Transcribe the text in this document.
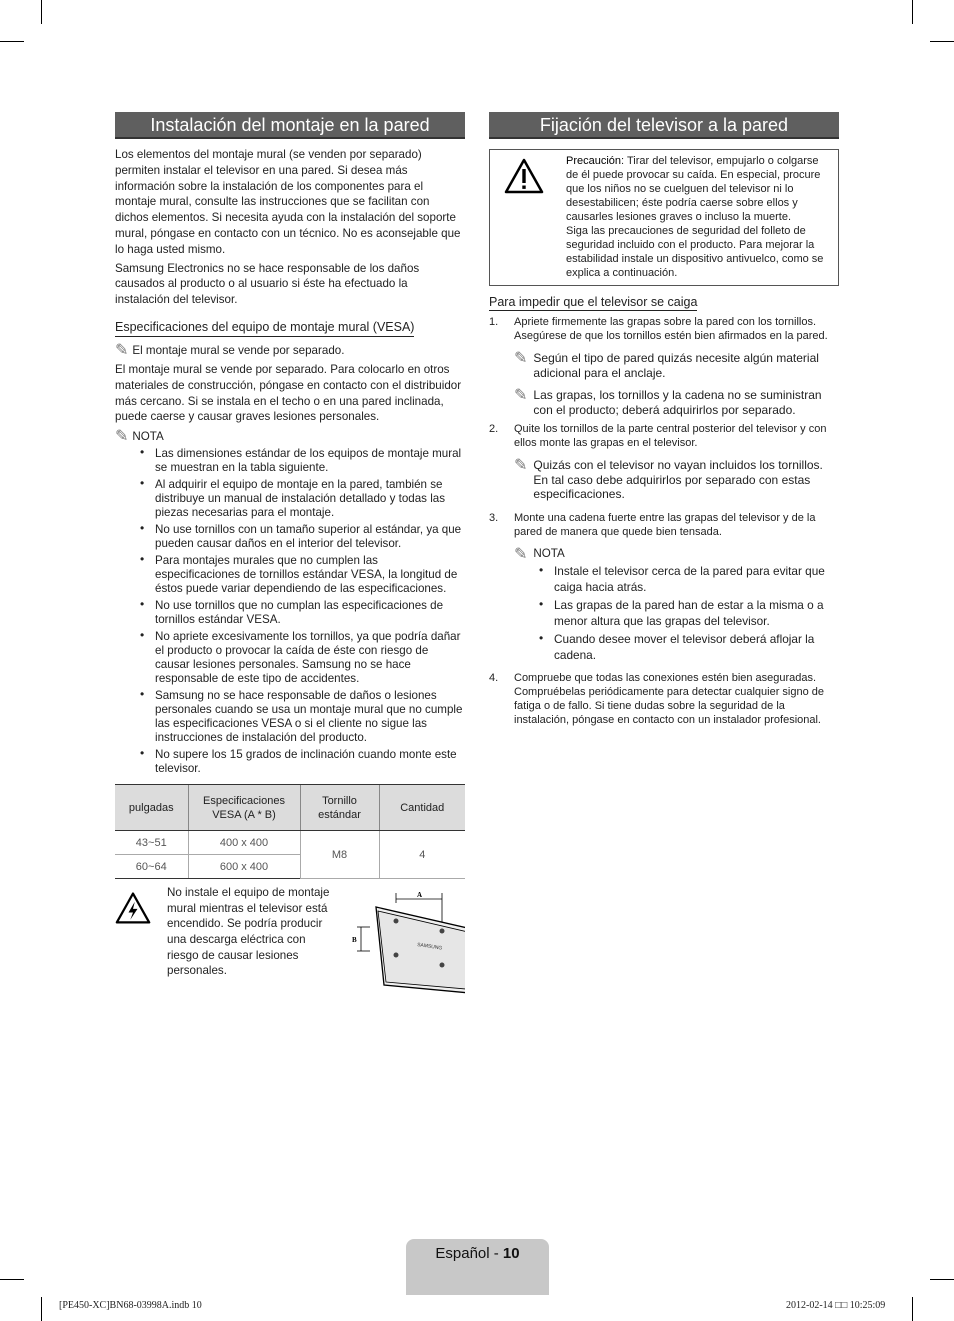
Instalación del montaje en la pared

Los elementos del montaje mural (se venden por separado) permiten instalar el televisor en una pared. Si desea más información sobre la instalación de los componentes para el montaje mural, consulte las instrucciones que se facilitan con dichos elementos. Si necesita ayuda con la instalación del soporte mural, póngase en contacto con un técnico. No es aconsejable que lo haga usted mismo.

Samsung Electronics no se hace responsable de los daños causados al producto o al usuario si éste ha efectuado la instalación del televisor.

Especificaciones del equipo de montaje mural (VESA)
✎ El montaje mural se vende por separado.

El montaje mural se vende por separado. Para colocarlo en otros materiales de construcción, póngase en contacto con el distribuidor más cercano. Si se instala en el techo o en una pared inclinada, puede caerse y causar graves lesiones personales.

✎ NOTA
• Las dimensiones estándar de los equipos de montaje mural se muestran en la tabla siguiente.
• Al adquirir el equipo de montaje en la pared, también se distribuye un manual de instalación detallado y todas las piezas necesarias para el montaje.
• No use tornillos con un tamaño superior al estándar, ya que pueden causar daños en el interior del televisor.
• Para montajes murales que no cumplen las especificaciones de tornillos estándar VESA, la longitud de éstos puede variar dependiendo de las especificaciones.
• No use tornillos que no cumplan las especificaciones de tornillos estándar VESA.
• No apriete excesivamente los tornillos, ya que podría dañar el producto o provocar la caída de éste con riesgo de causar lesiones personales. Samsung no se hace responsable de este tipo de accidentes.
• Samsung no se hace responsable de daños o lesiones personales cuando se usa un montaje mural que no cumple las especificaciones VESA o si el cliente no sigue las instrucciones de instalación del producto.
• No supere los 15 grados de inclinación cuando monte este televisor.
pulgadas	Especificaciones VESA (A * B)	Tornillo estándar	Cantidad
43~51	400 x 400	M8	4
60~64	600 x 400		

No instale el equipo de montaje mural mientras el televisor está encendido. Se podría producir una descarga eléctrica con riesgo de causar lesiones personales.

SAMSUNG
A
B
Fijación del televisor a la pared
Precaución: Tirar del televisor, empujarlo o colgarse de él puede provocar su caída. En especial, procure que los niños no se cuelguen del televisor ni lo desestabilicen; éste podría caerse sobre ellos y causarles lesiones graves o incluso la muerte.
Siga las precauciones de seguridad del folleto de seguridad incluido con el producto. Para mejorar la estabilidad instale un dispositivo antivuelco, como se explica a continuación.
Para impedir que el televisor se caiga
1.	Apriete firmemente las grapas sobre la pared con los tornillos. Asegúrese de que los tornillos estén bien afirmados en la pared.
✎ Según el tipo de pared quizás necesite algún material adicional para el anclaje.
✎ Las grapas, los tornillos y la cadena no se suministran con el producto; deberá adquirirlos por separado.
2.	Quite los tornillos de la parte central posterior del televisor y con ellos monte las grapas en el televisor.
✎ Quizás con el televisor no vayan incluidos los tornillos. En tal caso debe adquirirlos por separado con estas especificaciones.
3.	Monte una cadena fuerte entre las grapas del televisor y de la pared de manera que quede bien tensada.
✎ NOTA
• Instale el televisor cerca de la pared para evitar que caiga hacia atrás.
• Las grapas de la pared han de estar a la misma o a menor altura que las grapas del televisor.
• Cuando desee mover el televisor deberá aflojar la cadena.
4.	Compruebe que todas las conexiones estén bien aseguradas. Compruébelas periódicamente para detectar cualquier signo de fatiga o de fallo. Si tiene dudas sobre la seguridad de la instalación, póngase en contacto con un instalador profesional.
Español - 10
[PE450-XC]BN68-03998A.indb 10	2012-02-14 □□ 10:25:09
